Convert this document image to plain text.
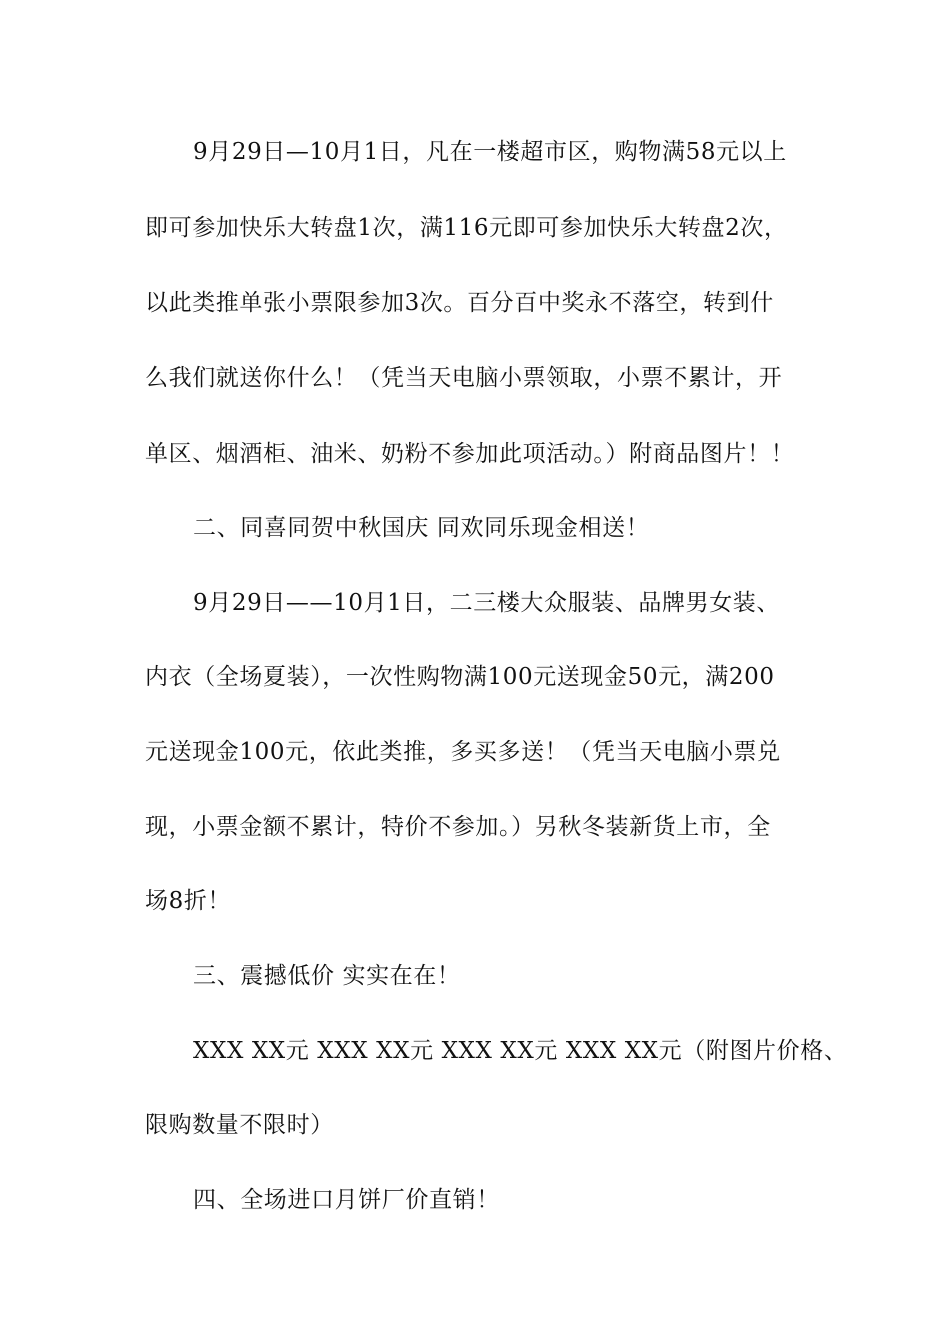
9月29日—10月1日，凡在一楼超市区，购物满58元以上
即可参加快乐大转盘1次，满116元即可参加快乐大转盘2次，
以此类推单张小票限参加3次。百分百中奖永不落空，转到什
么我们就送你什么！（凭当天电脑小票领取，小票不累计，开
单区、烟酒柜、油米、奶粉不参加此项活动。）附商品图片！！
二、同喜同贺中秋国庆 同欢同乐现金相送！
9月29日——10月1日，二三楼大众服装、品牌男女装、
内衣（全场夏装），一次性购物满100元送现金50元，满200
元送现金100元，依此类推，多买多送！（凭当天电脑小票兑
现，小票金额不累计，特价不参加。）另秋冬装新货上市，全
场8折！
三、震撼低价 实实在在！
XXX XX元 XXX XX元 XXX XX元 XXX XX元（附图片价格、
限购数量不限时）
四、全场进口月饼厂价直销！
